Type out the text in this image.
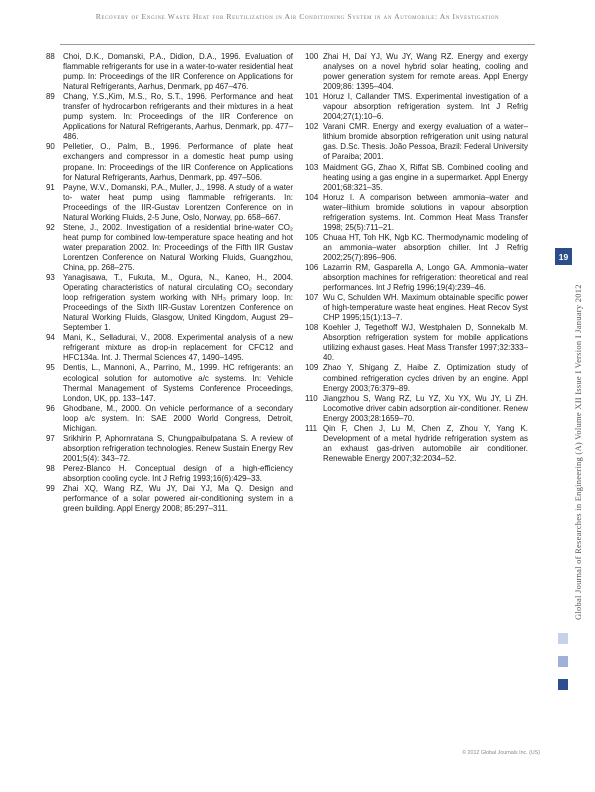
Recovery of Engine Waste Heat for Reutilization in Air Conditioning System in an Automobile: An Investigation
88	Choi, D.K., Domanski, P.A., Didion, D.A., 1996. Evaluation of flammable refrigerants for use in a water-to-water residential heat pump. In: Proceedings of the IIR Conference on Applications for Natural Refrigerants, Aarhus, Denmark, pp 467–476.
89	Chang, Y.S.,Kim, M.S., Ro, S.T., 1996. Performance and heat transfer of hydrocarbon refrigerants and their mixtures in a heat pump system. In: Proceedings of the IIR Conference on Applications for Natural Refrigerants, Aarhus, Denmark, pp. 477–486.
90	Pelletier, O., Palm, B., 1996. Performance of plate heat exchangers and compressor in a domestic heat pump using propane. In: Proceedings of the IIR Conference on Applications for Natural Refrigerants, Aarhus, Denmark, pp. 497–506.
91	Payne, W.V., Domanski, P.A., Muller, J., 1998. A study of a water to- water heat pump using flammable refrigerants. In: Proceedings of the IIR-Gustav Lorentzen Conference on in Natural Working Fluids, 2-5 June, Oslo, Norway, pp. 658–667.
92	Stene, J., 2002. Investigation of a residential brine-water CO₂ heat pump for combined low-temperature space heating and hot water preparation 2002. In: Proceedings of the Fifth IIR Gustav Lorentzen Conference on Natural Working Fluids, Guangzhou, China, pp. 268–275.
93	Yanagisawa, T., Fukuta, M., Ogura, N., Kaneo, H., 2004. Operating characteristics of natural circulating CO₂ secondary loop refrigeration system working with NH₃ primary loop. In: Proceedings of the Sixth IIR-Gustav Lorentzen Conference on Natural Working Fluids, Glasgow, United Kingdom, August 29– September 1.
94	Mani, K., Selladurai, V., 2008. Experimental analysis of a new refrigerant mixture as drop-in replacement for CFC12 and HFC134a. Int. J. Thermal Sciences 47, 1490–1495.
95	Dentis, L., Mannoni, A., Parrino, M., 1999. HC refrigerants: an ecological solution for automotive a/c systems. In: Vehicle Thermal Management of Systems Conference Proceedings, London, UK, pp. 133–147.
96	Ghodbane, M., 2000. On vehicle performance of a secondary loop a/c system. In: SAE 2000 World Congress, Detroit, Michigan.
97	Srikhirin P, Aphornratana S, Chungpaibulpatana S. A review of absorption refrigeration technologies. Renew Sustain Energy Rev 2001;5(4): 343–72.
98	Perez-Blanco H. Conceptual design of a high-efficiency absorption cooling cycle. Int J Refrig 1993;16(6):429–33.
99	Zhai XQ, Wang RZ, Wu JY, Dai YJ, Ma Q. Design and performance of a solar powered air-conditioning system in a green building. Appl Energy 2008; 85:297–311.
100 Zhai H, Daí YJ, Wu JY, Wang RZ. Energy and exergy analyses on a novel hybrid solar heating, cooling and power generation system for remote areas. Appl Energy 2009;86: 1395–404.
101 Horuz I, Callander TMS. Experimental investigation of a vapour absorption refrigeration system. Int J Refrig 2004;27(1):10–6.
102 Varani CMR. Energy and exergy evaluation of a water–lithium bromide absorption refrigeration unit using natural gas. D.Sc. Thesis. João Pessoa, Brazil: Federal University of Paraiba; 2001.
103 Maidment GG, Zhao X, Riffat SB. Combined cooling and heating using a gas engine in a supermarket. Appl Energy 2001;68:321–35.
104 Horuz I. A comparison between ammonia–water and water–lithium bromide solutions in vapour absorption refrigeration systems. Int. Common Heat Mass Transfer 1998; 25(5):711–21.
105 Chuaa HT, Toh HK, Ngb KC. Thermodynamic modeling of an ammonia–water absorption chiller. Int J Refrig 2002;25(7):896–906.
106 Lazarrin RM, Gasparella A, Longo GA. Ammonia–water absorption machines for refrigeration: theoretical and real performances. Int J Refrig 1996;19(4):239–46.
107 Wu C, Schulden WH. Maximum obtainable specific power of high-temperature waste heat engines. Heat Recov Syst CHP 1995;15(1):13–7.
108 Koehler J, Tegethoff WJ, Westphalen D, Sonnekalb M. Absorption refrigeration system for mobile applications utilizing exhaust gases. Heat Mass Transfer 1997;32:333–40.
109 Zhao Y, Shigang Z, Haibe Z. Optimization study of combined refrigeration cycles driven by an engine. Appl Energy 2003;76:379–89.
110 Jiangzhou S, Wang RZ, Lu YZ, Xu YX, Wu JY, Li ZH. Locomotive driver cabin adsorption air-conditioner. Renew Energy 2003;28:1659–70.
111 Qin F, Chen J, Lu M, Chen Z, Zhou Y, Yang K. Development of a metal hydride refrigeration system as an exhaust gas-driven automobile air conditioner. Renewable Energy 2007;32:2034–52.
19
Global Journal of Researches in Engineering (A) Volume XII Issue I Version I January 2012
© 2012 Global Journals Inc. (US)
